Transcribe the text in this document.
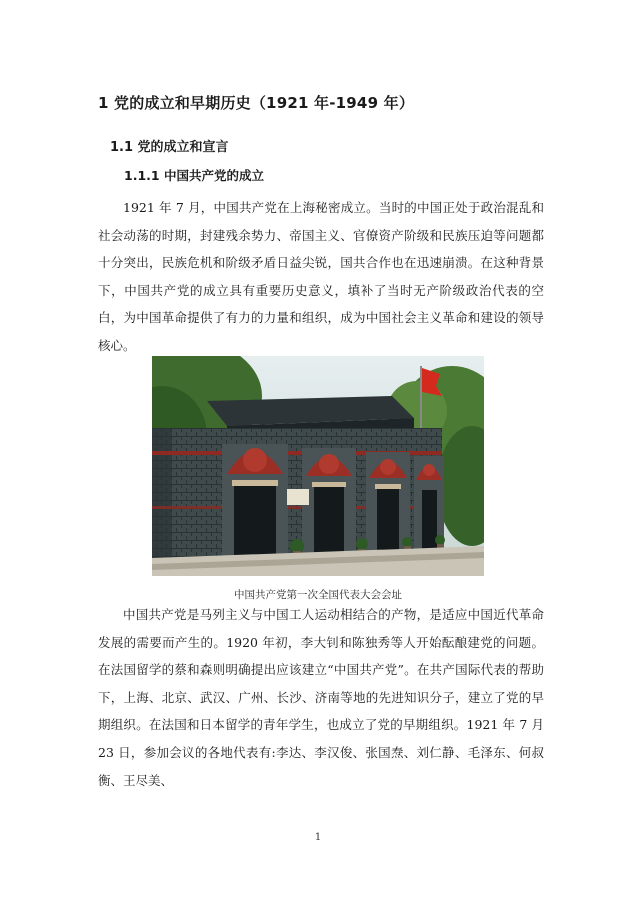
1 党的成立和早期历史（1921 年-1949 年）
1.1 党的成立和宣言
1.1.1 中国共产党的成立

1921 年 7 月，中国共产党在上海秘密成立。当时的中国正处于政治混乱和社会动荡的时期，封建残余势力、帝国主义、官僚资产阶级和民族压迫等问题都十分突出，民族危机和阶级矛盾日益尖锐，国共合作也在迅速崩溃。在这种背景下，中国共产党的成立具有重要历史意义，填补了当时无产阶级政治代表的空白，为中国革命提供了有力的力量和组织，成为中国社会主义革命和建设的领导核心。

中国共产党第一次全国代表大会会址

中国共产党是马列主义与中国工人运动相结合的产物，是适应中国近代革命发展的需要而产生的。1920 年初，李大钊和陈独秀等人开始酝酿建党的问题。在法国留学的蔡和森则明确提出应该建立“中国共产党”。在共产国际代表的帮助下，上海、北京、武汉、广州、长沙、济南等地的先进知识分子，建立了党的早期组织。在法国和日本留学的青年学生，也成立了党的早期组织。1921 年 7 月 23 日，参加会议的各地代表有:李达、李汉俊、张国焘、刘仁静、毛泽东、何叔衡、王尽美、

1
